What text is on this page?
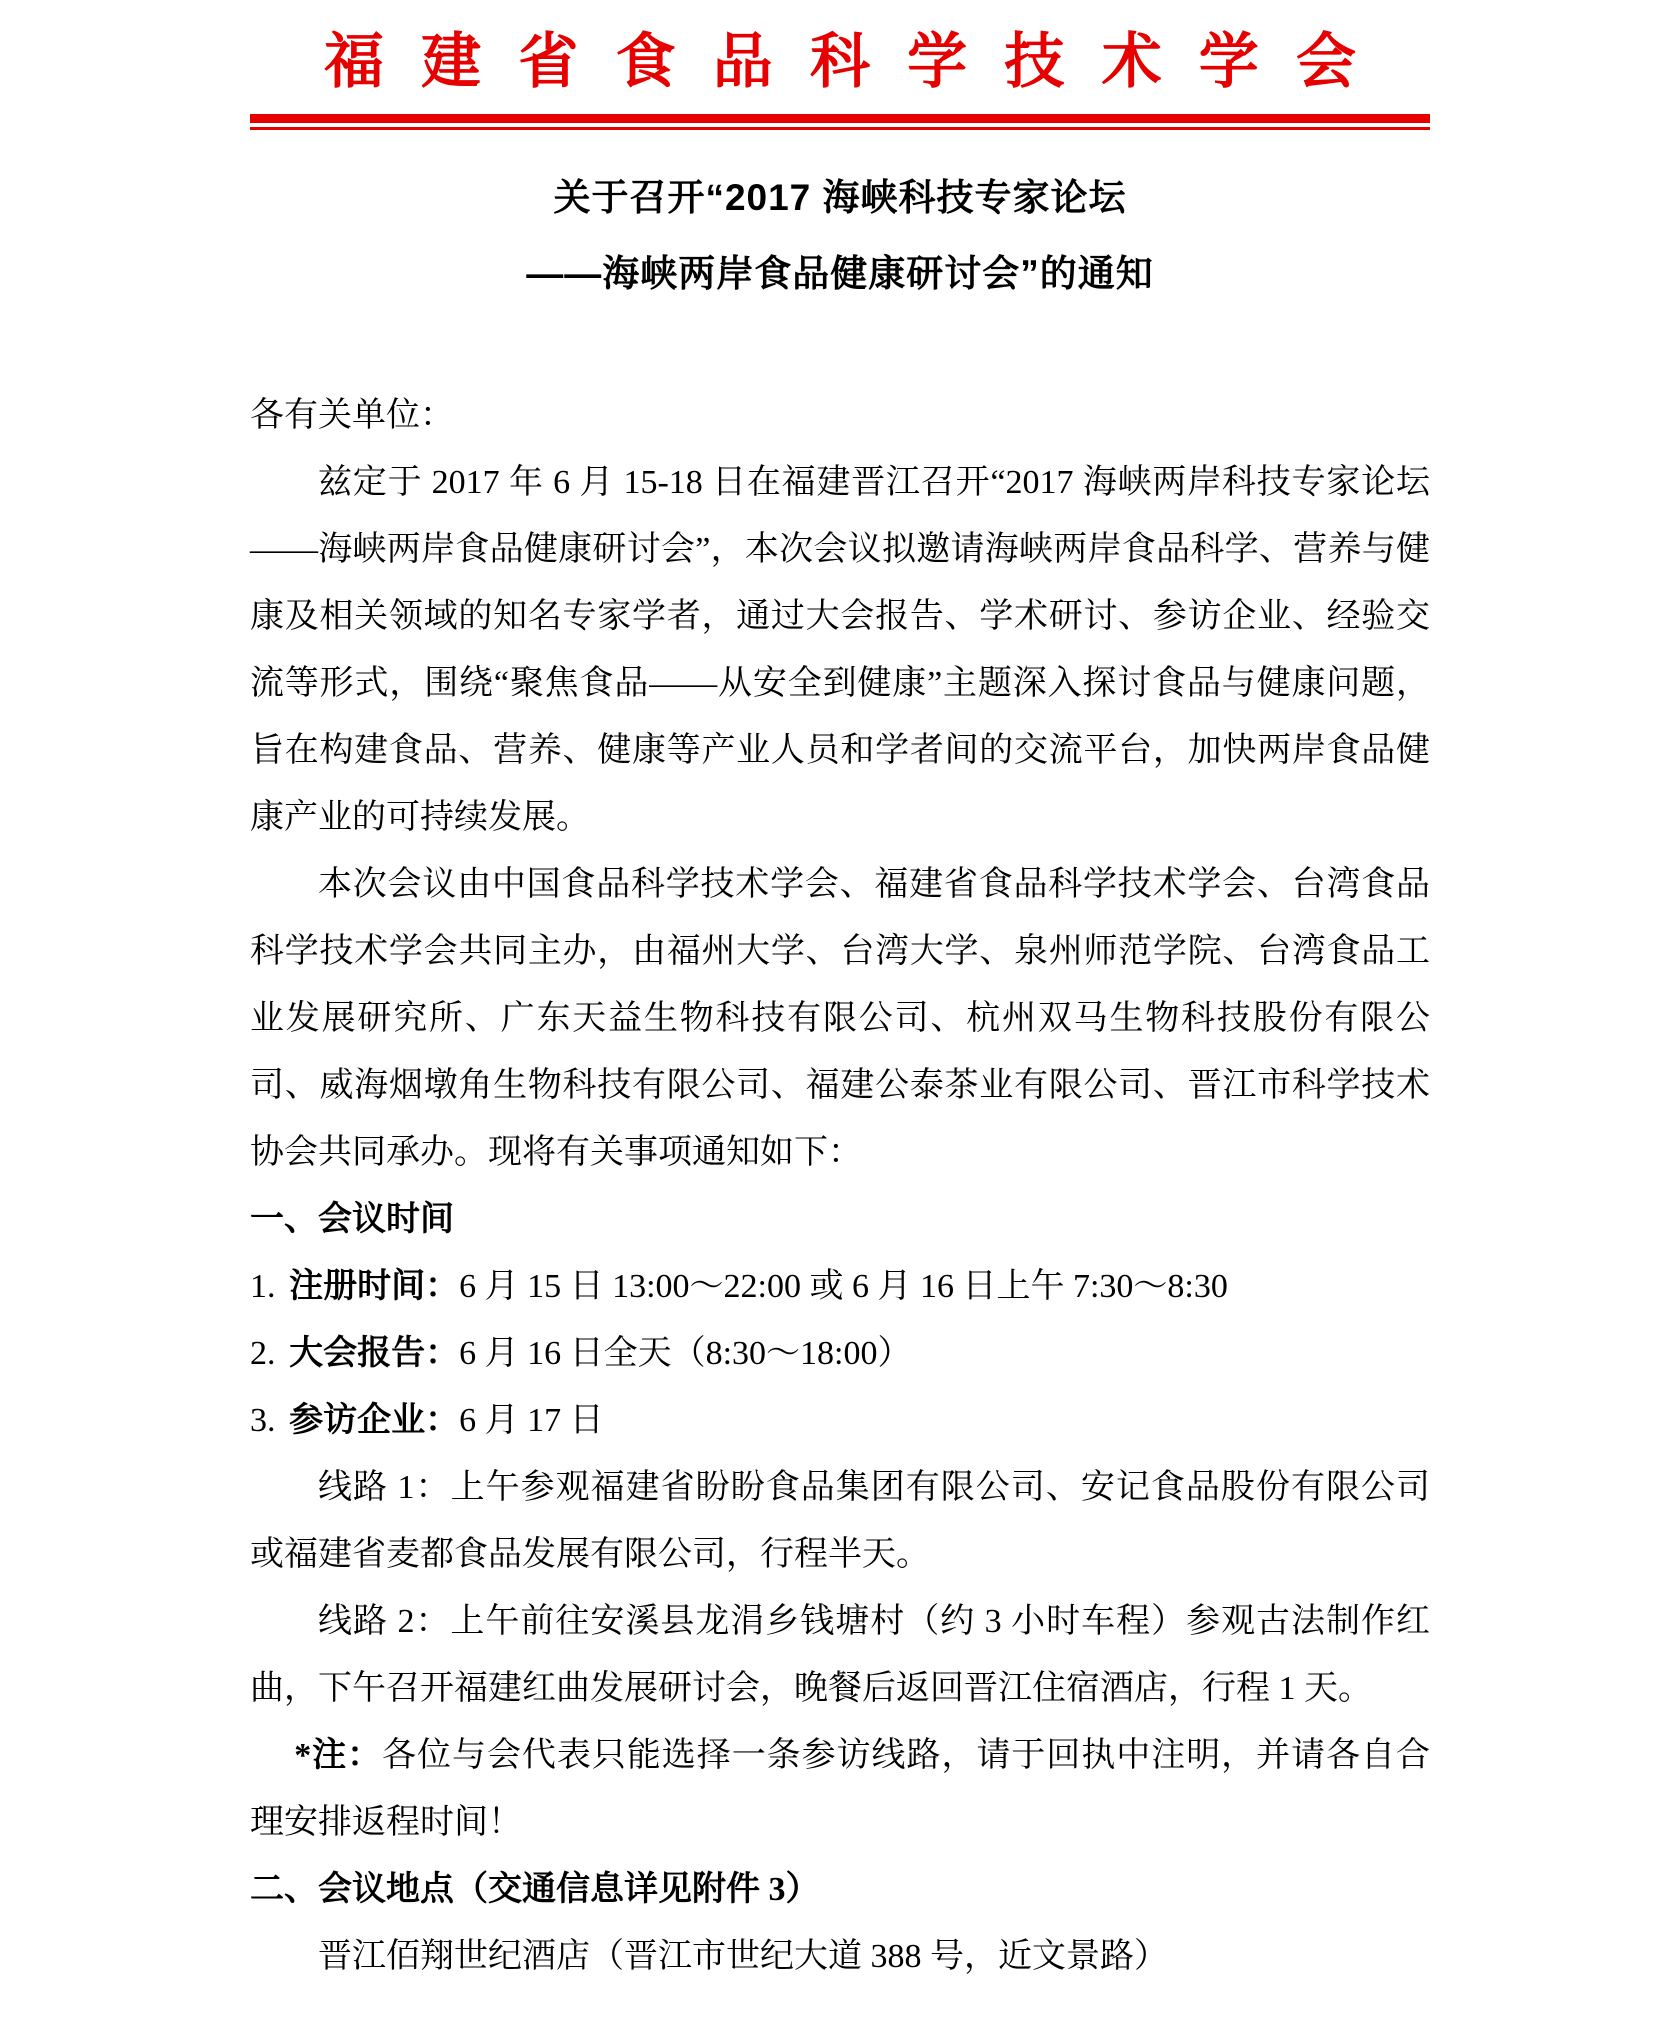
福建省食品科学技术学会
关于召开“2017 海峡科技专家论坛
——海峡两岸食品健康研讨会”的通知
各有关单位：

兹定于 2017 年 6 月 15-18 日在福建晋江召开“2017 海峡两岸科技专家论坛——海峡两岸食品健康研讨会”，本次会议拟邀请海峡两岸食品科学、营养与健康及相关领域的知名专家学者，通过大会报告、学术研讨、参访企业、经验交流等形式，围绕“聚焦食品——从安全到健康”主题深入探讨食品与健康问题，旨在构建食品、营养、健康等产业人员和学者间的交流平台，加快两岸食品健康产业的可持续发展。

本次会议由中国食品科学技术学会、福建省食品科学技术学会、台湾食品科学技术学会共同主办，由福州大学、台湾大学、泉州师范学院、台湾食品工业发展研究所、广东天益生物科技有限公司、杭州双马生物科技股份有限公司、威海烟墩角生物科技有限公司、福建公泰茶业有限公司、晋江市科学技术协会共同承办。现将有关事项通知如下：

一、会议时间
1. 注册时间：6 月 15 日 13:00～22:00 或 6 月 16 日上午 7:30～8:30
2. 大会报告：6 月 16 日全天（8:30～18:00）
3. 参访企业：6 月 17 日

线路 1：上午参观福建省盼盼食品集团有限公司、安记食品股份有限公司或福建省麦都食品发展有限公司，行程半天。

线路 2：上午前往安溪县龙涓乡钱塘村（约 3 小时车程）参观古法制作红曲，下午召开福建红曲发展研讨会，晚餐后返回晋江住宿酒店，行程 1 天。

*注：各位与会代表只能选择一条参访线路，请于回执中注明，并请各自合理安排返程时间！

二、会议地点（交通信息详见附件 3）

晋江佰翔世纪酒店（晋江市世纪大道 388 号，近文景路）
